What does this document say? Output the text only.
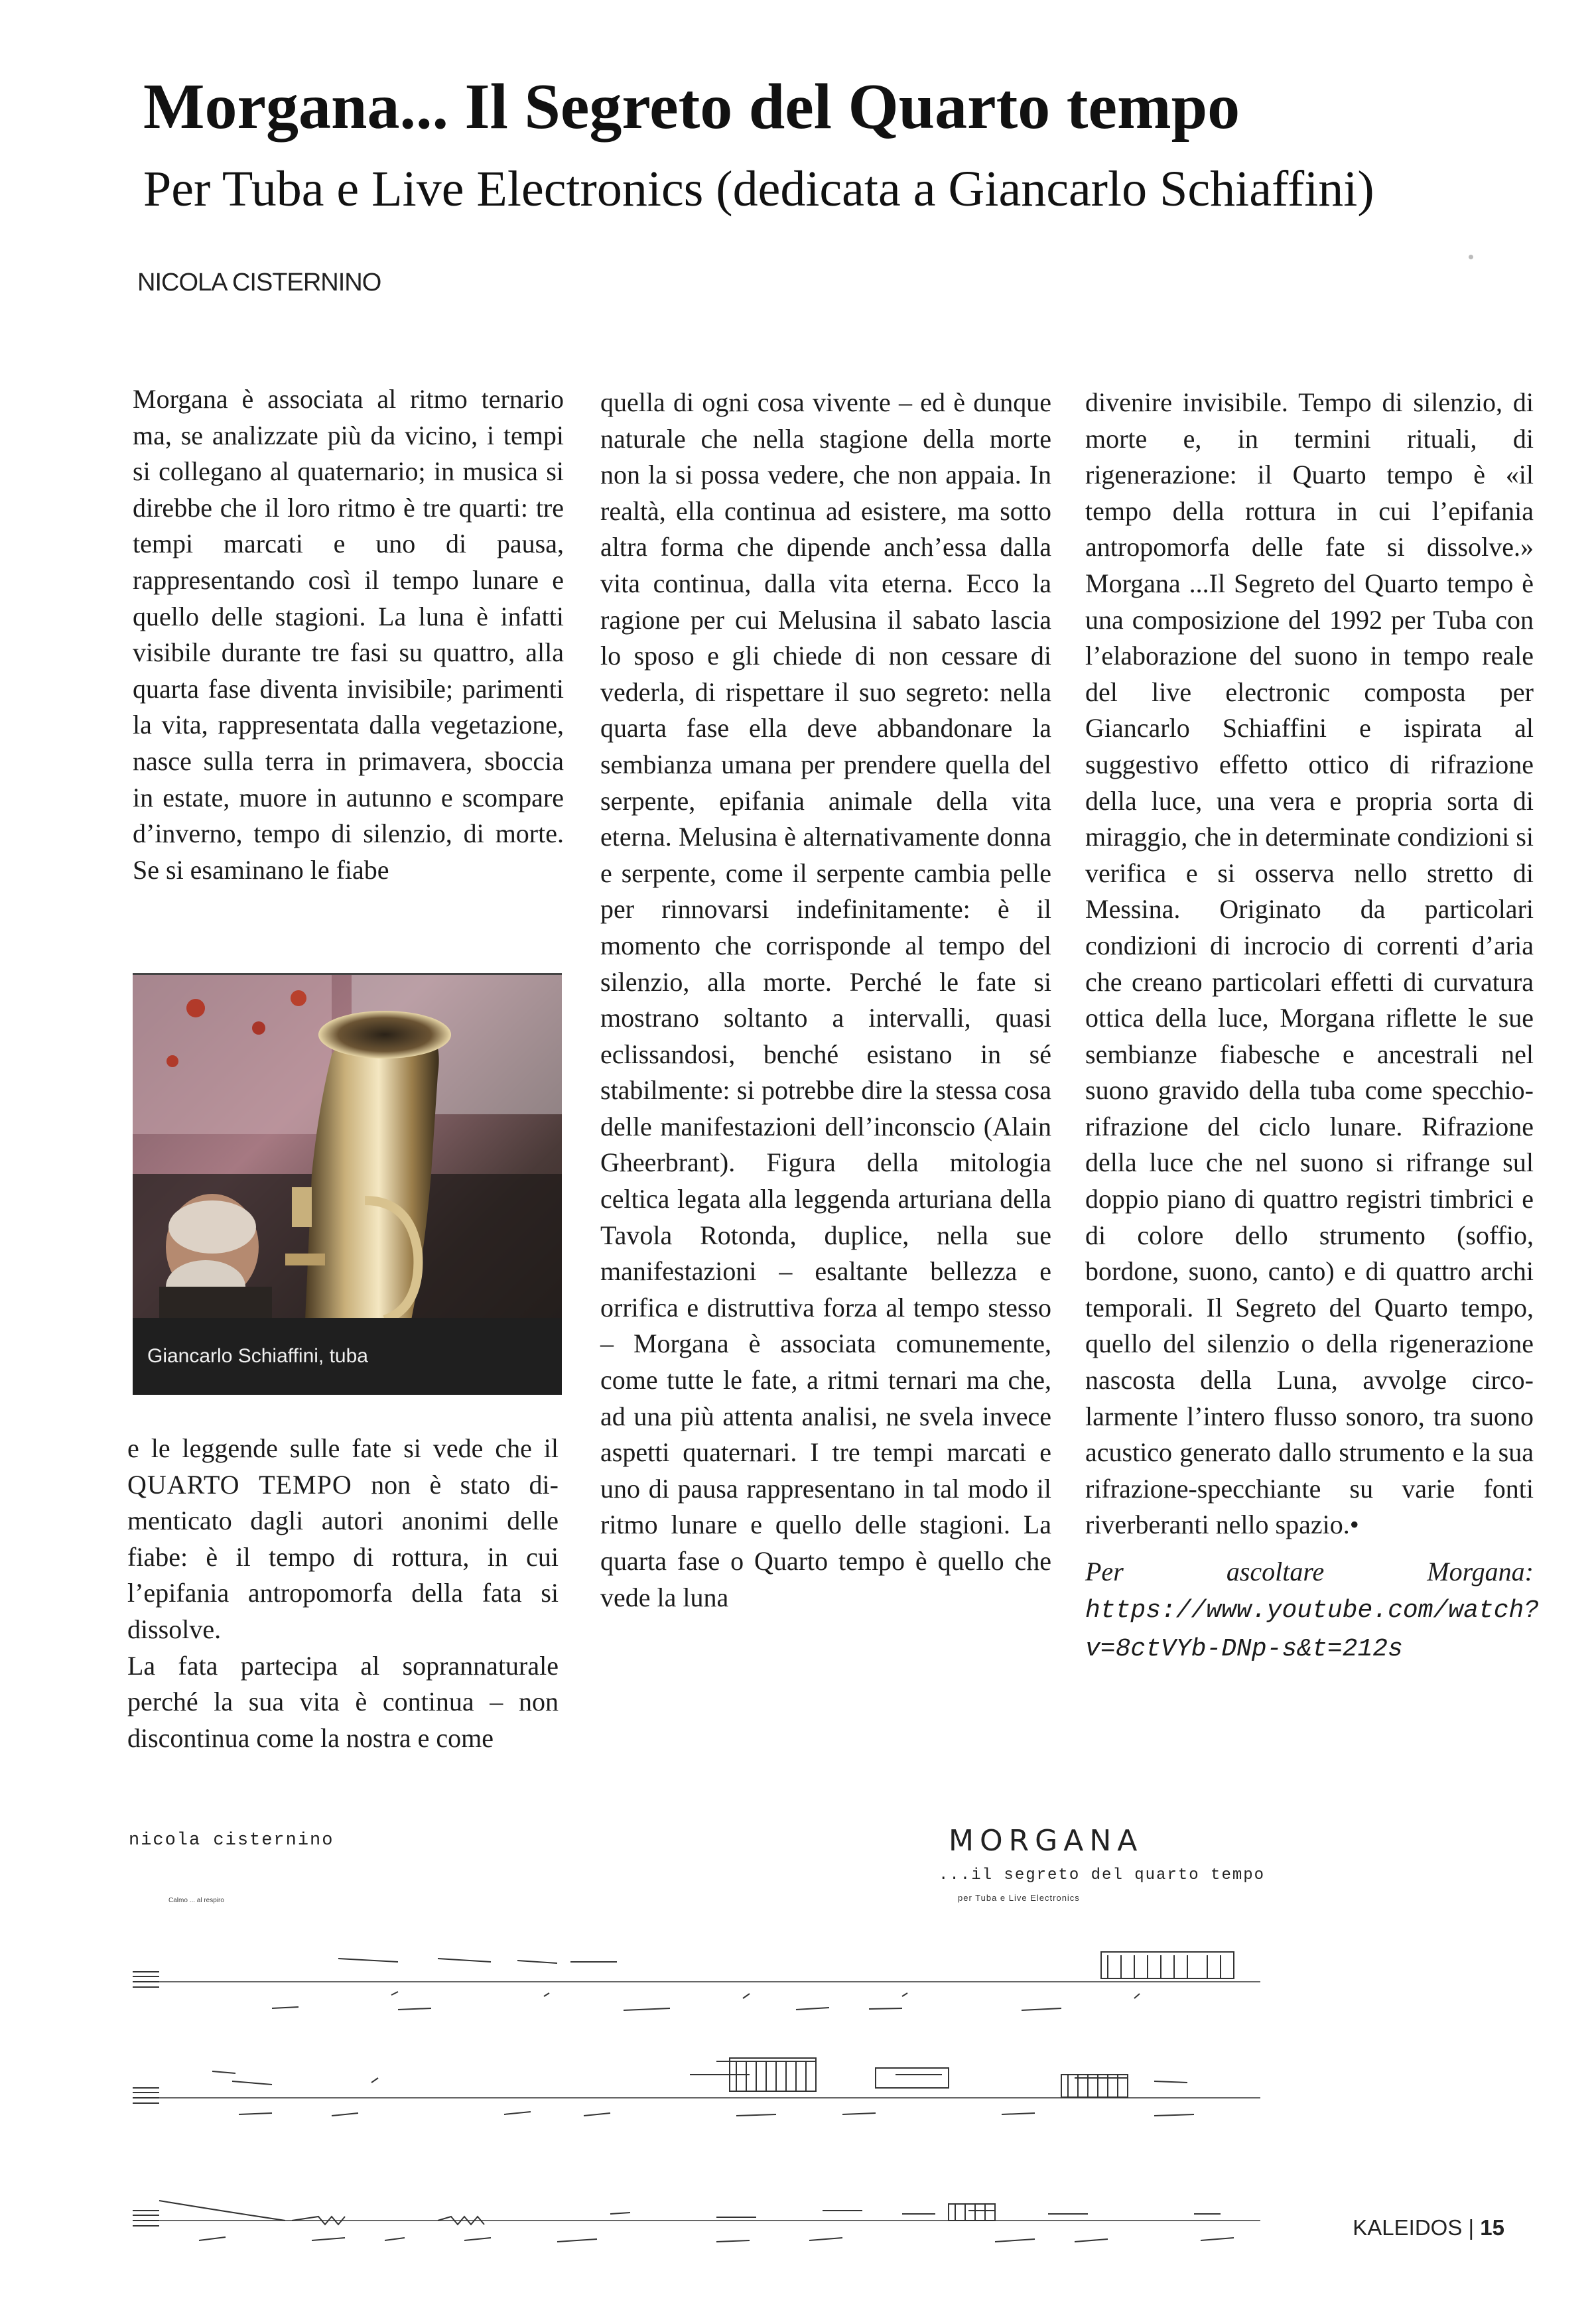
Morgana... Il Segreto del Quarto tempo
Per Tuba e Live Electronics (dedicata a Giancarlo Schiaffini)
NICOLA CISTERNINO

Morgana è associata al ritmo ternario ma, se analizzate più da vicino, i tempi si collegano al quaternario; in musica si direbbe che il loro ritmo è tre quarti: tre tempi marcati e uno di pausa, rappresentando così il tempo lunare e quello delle stagioni. La luna è infatti visibile durante tre fasi su quattro, alla quarta fase diventa invisibile; parimenti la vita, rappresentata dalla vegetazione, nasce sulla terra in primavera, sboccia in estate, muore in autunno e scompare d’inverno, tempo di silenzio, di morte. Se si esaminano le fiabe

Giancarlo Schiaffini, tuba

e le leggende sulle fate si vede che il QUARTO TEMPO non è stato dimenticato dagli autori anonimi delle fiabe: è il tempo di rottura, in cui l’epifania antropomorfa della fata si dissolve.

La fata partecipa al soprannaturale perché la sua vita è continua – non discontinua come la nostra e come

quella di ogni cosa vivente – ed è dunque naturale che nella stagione della morte non la si possa vedere, che non appaia. In realtà, ella continua ad esistere, ma sotto altra forma che dipende anch’essa dalla vita continua, dalla vita eterna. Ecco la ragione per cui Melusina il sabato lascia lo sposo e gli chiede di non cessare di vederla, di rispettare il suo segreto: nella quarta fase ella deve abbandonare la sembianza umana per prendere quella del serpente, epifania animale della vita eterna. Melusina è alternativamente donna e serpente, come il serpente cambia pelle per rinnovarsi indefinitamente: è il momento che corrisponde al tempo del silenzio, alla morte. Perché le fate si mostrano soltanto a intervalli, quasi eclissandosi, benché esistano in sé stabilmente: si potrebbe dire la stessa cosa delle manifestazioni dell’inconscio (Alain Gheerbrant). Figura della mitologia celtica legata alla leggenda arturiana della Tavola Rotonda, duplice, nella sue manifestazioni – esaltante bellezza e orrifica e distruttiva forza al tempo stesso – Morgana è associata comunemente, come tutte le fate, a ritmi ternari ma che, ad una più attenta analisi, ne svela invece aspetti quaternari. I tre tempi marcati e uno di pausa rappresentano in tal modo il ritmo lunare e quello delle stagioni. La quarta fase o Quarto tempo è quello che vede la luna

divenire invisibile. Tempo di silenzio, di morte e, in termini rituali, di rigenerazione: il Quarto tempo è «il tempo della rottura in cui l’epifania antropomorfa delle fate si dissolve.» Morgana ...Il Segreto del Quarto tempo è una composizione del 1992 per Tuba con l’elaborazione del suono in tempo reale del live electronic composta per Giancarlo Schiaffini e ispirata al suggestivo effetto ottico di rifrazione della luce, una vera e propria sorta di miraggio, che in determinate condizioni si verifica e si osserva nello stretto di Messina. Originato da particolari condizioni di incrocio di correnti d’aria che creano particolari effetti di curvatura ottica della luce, Morgana riflette le sue sembianze fiabesche e ancestrali nel suono gravido della tuba come specchio-rifrazione del ciclo lunare. Rifrazione della luce che nel suono si rifrange sul doppio piano di quattro registri timbrici e di colore dello strumento (soffio, bordone, suono, canto) e di quattro archi temporali. Il Segreto del Quarto tempo, quello del silenzio o della rigenerazione nascosta della Luna, avvolge circolarmente l’intero flusso sonoro, tra suono acustico generato dallo strumento e la sua rifrazione-specchiante su varie fonti riverberanti nello spazio.•

Per ascoltare Morgana: https://www.youtube.com/watch?v=8ctVYb-DNp-s&t=212s

nicola cisternino
Calmo ... al respiro
MORGANA
...il segreto del quarto tempo
per Tuba e Live Electronics
KALEIDOS | 15
